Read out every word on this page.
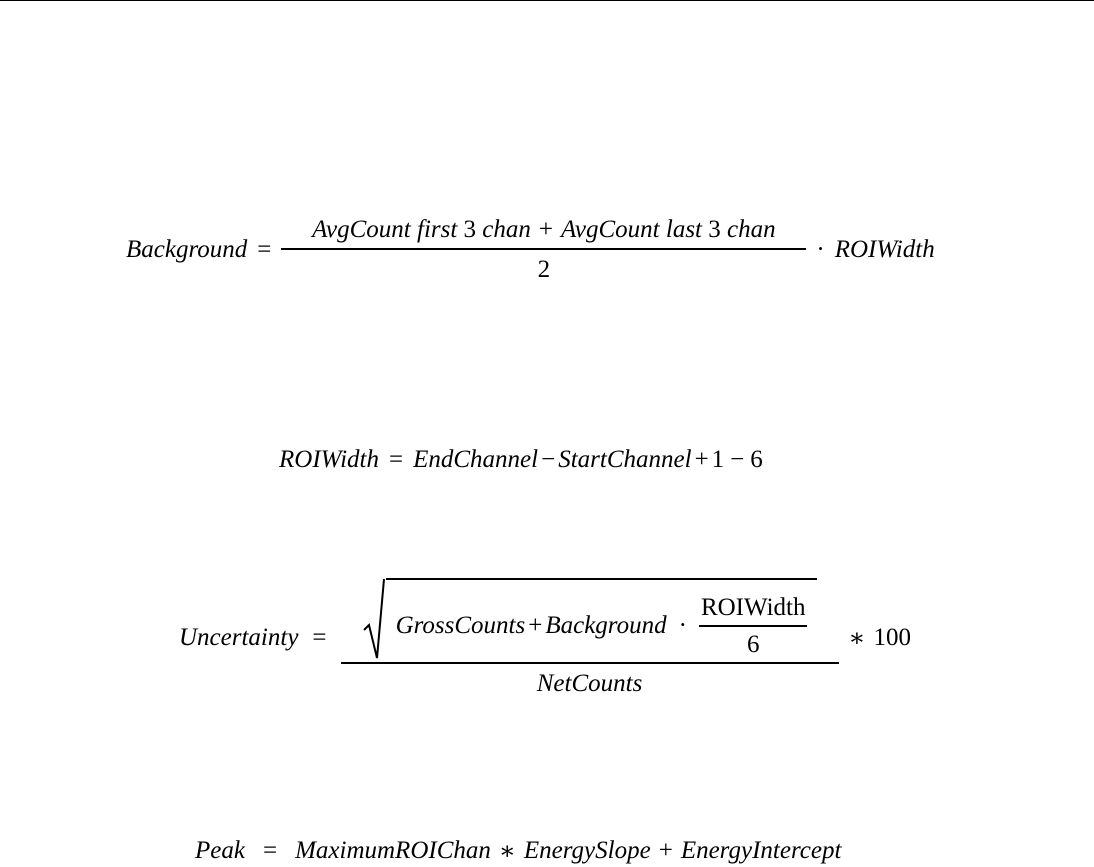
Background = AvgCount first
3
chan + AvgCount last
3
chan
2 · ROIWidth
ROIWidth = EndChannel − StartChannel + 1 − 6
Uncertainty =	GrossCounts + Background · $\frac{\text{ROIWidth}}{6}$
NetCounts
∗ 100
Peak = MaximumROIChan ∗ EnergySlope + EnergyIntercept
